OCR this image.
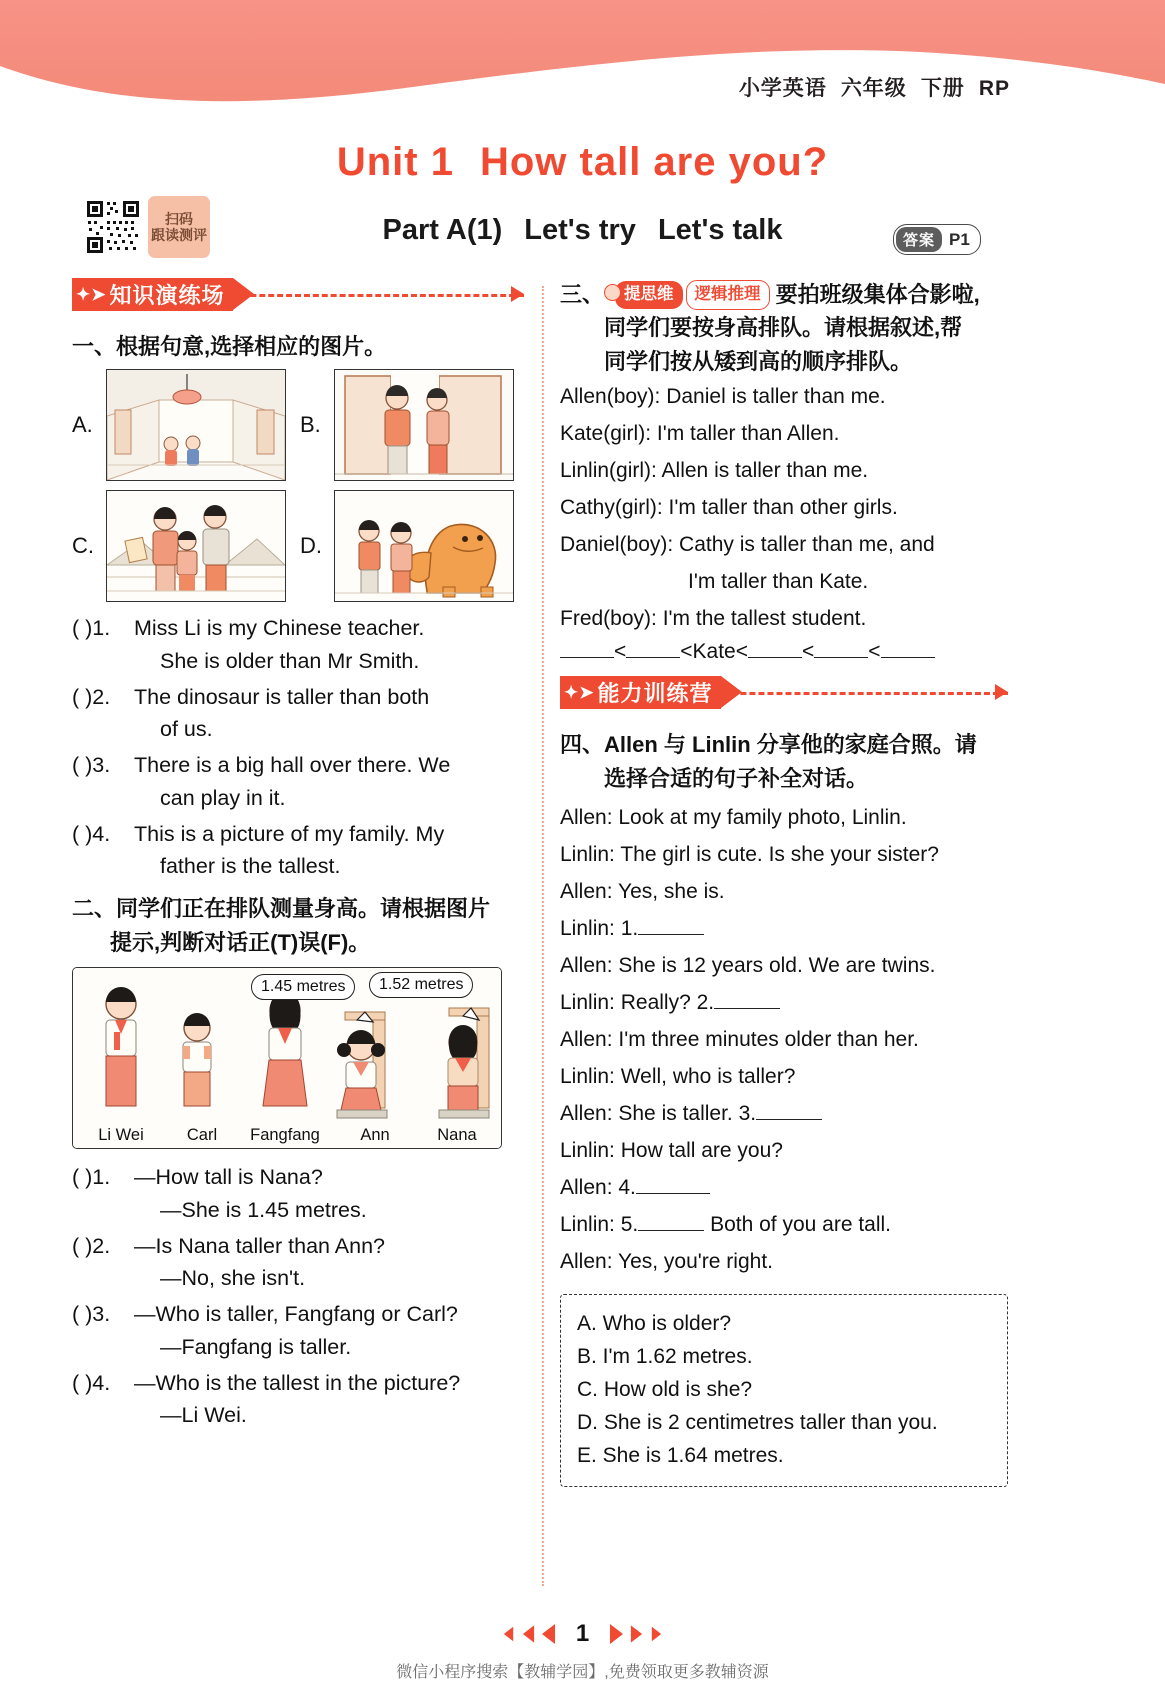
小学英语 六年级 下册 RP
Unit 1 How tall are you?
Part A(1) Let's try Let's talk
扫码
跟读测评	答案 P1
✦➤ 知识演练场
一、根据句意,选择相应的图片。
A.	B.
C.	D.
( )1.	Miss Li is my Chinese teacher.
She is older than Mr Smith.
( )2.	The dinosaur is taller than both
of us.
( )3.	There is a big hall over there. We
can play in it.
( )4.	This is a picture of my family. My
father is the tallest.
二、同学们正在排队测量身高。请根据图片
提示,判断对话正(T)误(F)。
1.45 metres	1.52 metres
Li Wei	Carl	Fangfang	Ann	Nana
( )1.	—How tall is Nana?
—She is 1.45 metres.
( )2.	—Is Nana taller than Ann?
—No, she isn't.
( )3.	—Who is taller, Fangfang or Carl?
—Fangfang is taller.
( )4.	—Who is the tallest in the picture?
—Li Wei.
三、 提思维 逻辑推理 要拍班级集体合影啦,
同学们要按身高排队。请根据叙述,帮
同学们按从矮到高的顺序排队。
Allen(boy): Daniel is taller than me.
Kate(girl): I'm taller than Allen.
Linlin(girl): Allen is taller than me.
Cathy(girl): I'm taller than other girls.
Daniel(boy): Cathy is taller than me, and
I'm taller than Kate.
Fred(boy): I'm the tallest student.
<	<Kate<	<	<
✦➤ 能力训练营
四、Allen 与 Linlin 分享他的家庭合照。请
选择合适的句子补全对话。
Allen: Look at my family photo, Linlin.
Linlin: The girl is cute. Is she your sister?
Allen: Yes, she is.
Linlin: 1.
Allen: She is 12 years old. We are twins.
Linlin: Really? 2.
Allen: I'm three minutes older than her.
Linlin: Well, who is taller?
Allen: She is taller. 3.
Linlin: How tall are you?
Allen: 4.
Linlin: 5.	Both of you are tall.
Allen: Yes, you're right.
A. Who is older?
B. I'm 1.62 metres.
C. How old is she?
D. She is 2 centimetres taller than you.
E. She is 1.64 metres.
1
微信小程序搜索【教辅学园】,免费领取更多教辅资源
